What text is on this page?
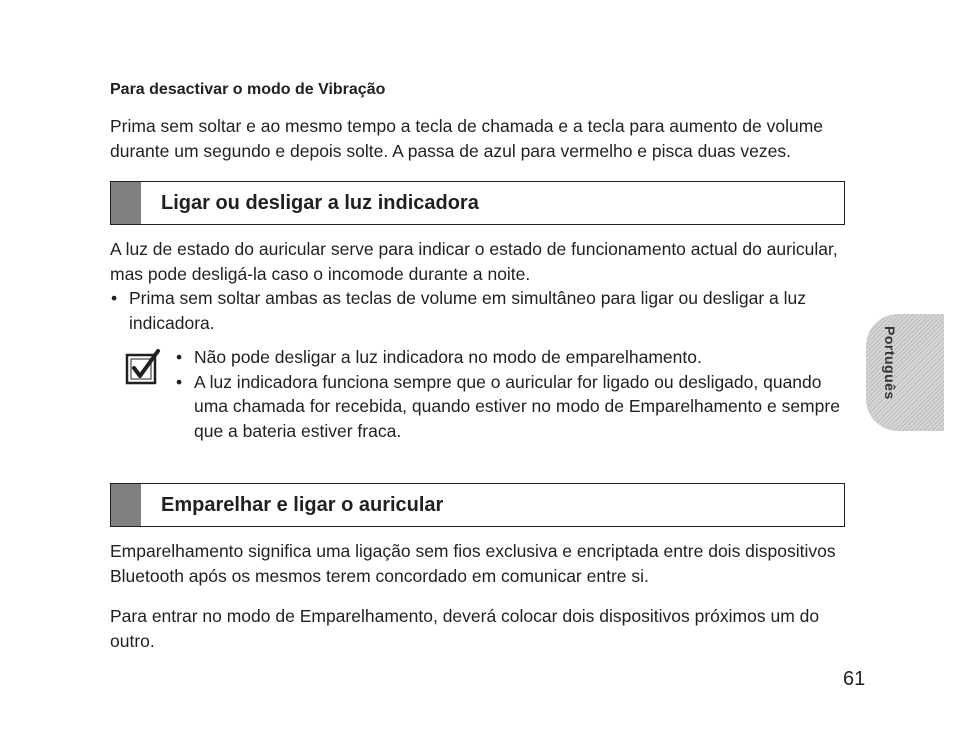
Para desactivar o modo de Vibração

Prima sem soltar e ao mesmo tempo a tecla de chamada e a tecla para aumento de volume durante um segundo e depois solte. A passa de azul para vermelho e pisca duas vezes.

Ligar ou desligar a luz indicadora

A luz de estado do auricular serve para indicar o estado de funcionamento actual do auricular, mas pode desligá-la caso o incomode durante a noite.

• Prima sem soltar ambas as teclas de volume em simultâneo para ligar ou desligar a luz indicadora.
• Não pode desligar a luz indicadora no modo de emparelhamento.
• A luz indicadora funciona sempre que o auricular for ligado ou desligado, quando uma chamada for recebida, quando estiver no modo de Emparelhamento e sempre que a bateria estiver fraca.
Emparelhar e ligar o auricular

Emparelhamento significa uma ligação sem fios exclusiva e encriptada entre dois dispositivos Bluetooth após os mesmos terem concordado em comunicar entre si.

Para entrar no modo de Emparelhamento, deverá colocar dois dispositivos próximos um do outro.

Português
61
